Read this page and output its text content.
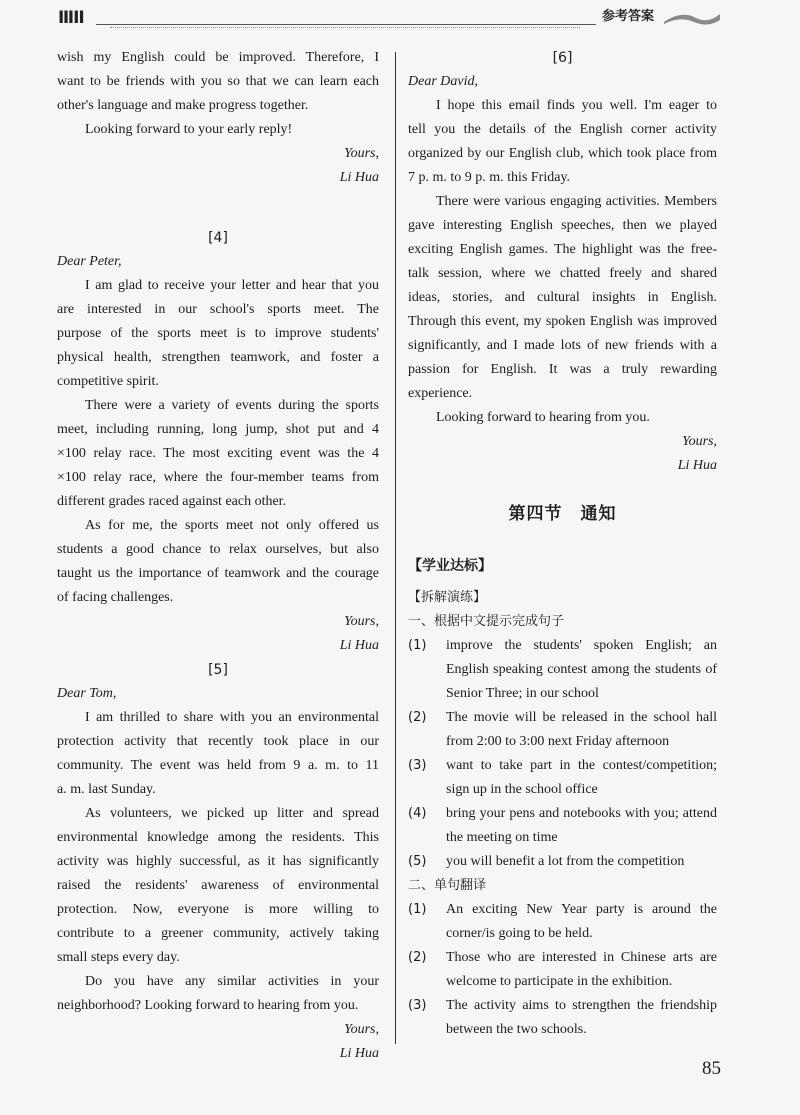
ⅢⅠⅠ	参考答案
wish my English could be improved. Therefore, I
want to be friends with you so that we can learn each
other's language and make progress together.
Looking forward to your early reply!
Yours,
Li Hua
[4]
Dear Peter,
I am glad to receive your letter and hear that you
are interested in our school's sports meet. The
purpose of the sports meet is to improve students'
physical health, strengthen teamwork, and foster a
competitive spirit.
There were a variety of events during the sports
meet, including running, long jump, shot put and 4
×100 relay race. The most exciting event was the 4
×100 relay race, where the four-member teams from
different grades raced against each other.
As for me, the sports meet not only offered us
students a good chance to relax ourselves, but also
taught us the importance of teamwork and the courage
of facing challenges.
Yours,
Li Hua
[5]
Dear Tom,
I am thrilled to share with you an environmental
protection activity that recently took place in our
community. The event was held from 9 a. m. to 11
a. m. last Sunday.
As volunteers, we picked up litter and spread
environmental knowledge among the residents. This
activity was highly successful, as it has significantly
raised the residents' awareness of environmental
protection. Now, everyone is more willing to
contribute to a greener community, actively taking
small steps every day.
Do you have any similar activities in your
neighborhood? Looking forward to hearing from you.
Yours,
Li Hua
[6]
Dear David,
I hope this email finds you well. I'm eager to
tell you the details of the English corner activity
organized by our English club, which took place from
7 p. m. to 9 p. m. this Friday.
There were various engaging activities. Members
gave interesting English speeches, then we played
exciting English games. The highlight was the free-
talk session, where we chatted freely and shared
ideas, stories, and cultural insights in English.
Through this event, my spoken English was improved
significantly, and I made lots of new friends with a
passion for English. It was a truly rewarding
experience.
Looking forward to hearing from you.
Yours,
Li Hua
第四节　通知
【学业达标】
【拆解演练】
一、根据中文提示完成句子
(1) improve the students' spoken English; an
English speaking contest among the students of
Senior Three; in our school
(2) The movie will be released in the school hall
from 2:00 to 3:00 next Friday afternoon
(3) want to take part in the contest/competition;
sign up in the school office
(4) bring your pens and notebooks with you; attend
the meeting on time
(5) you will benefit a lot from the competition
二、单句翻译
(1) An exciting New Year party is around the
corner/is going to be held.
(2) Those who are interested in Chinese arts are
welcome to participate in the exhibition.
(3) The activity aims to strengthen the friendship
between the two schools.
85
